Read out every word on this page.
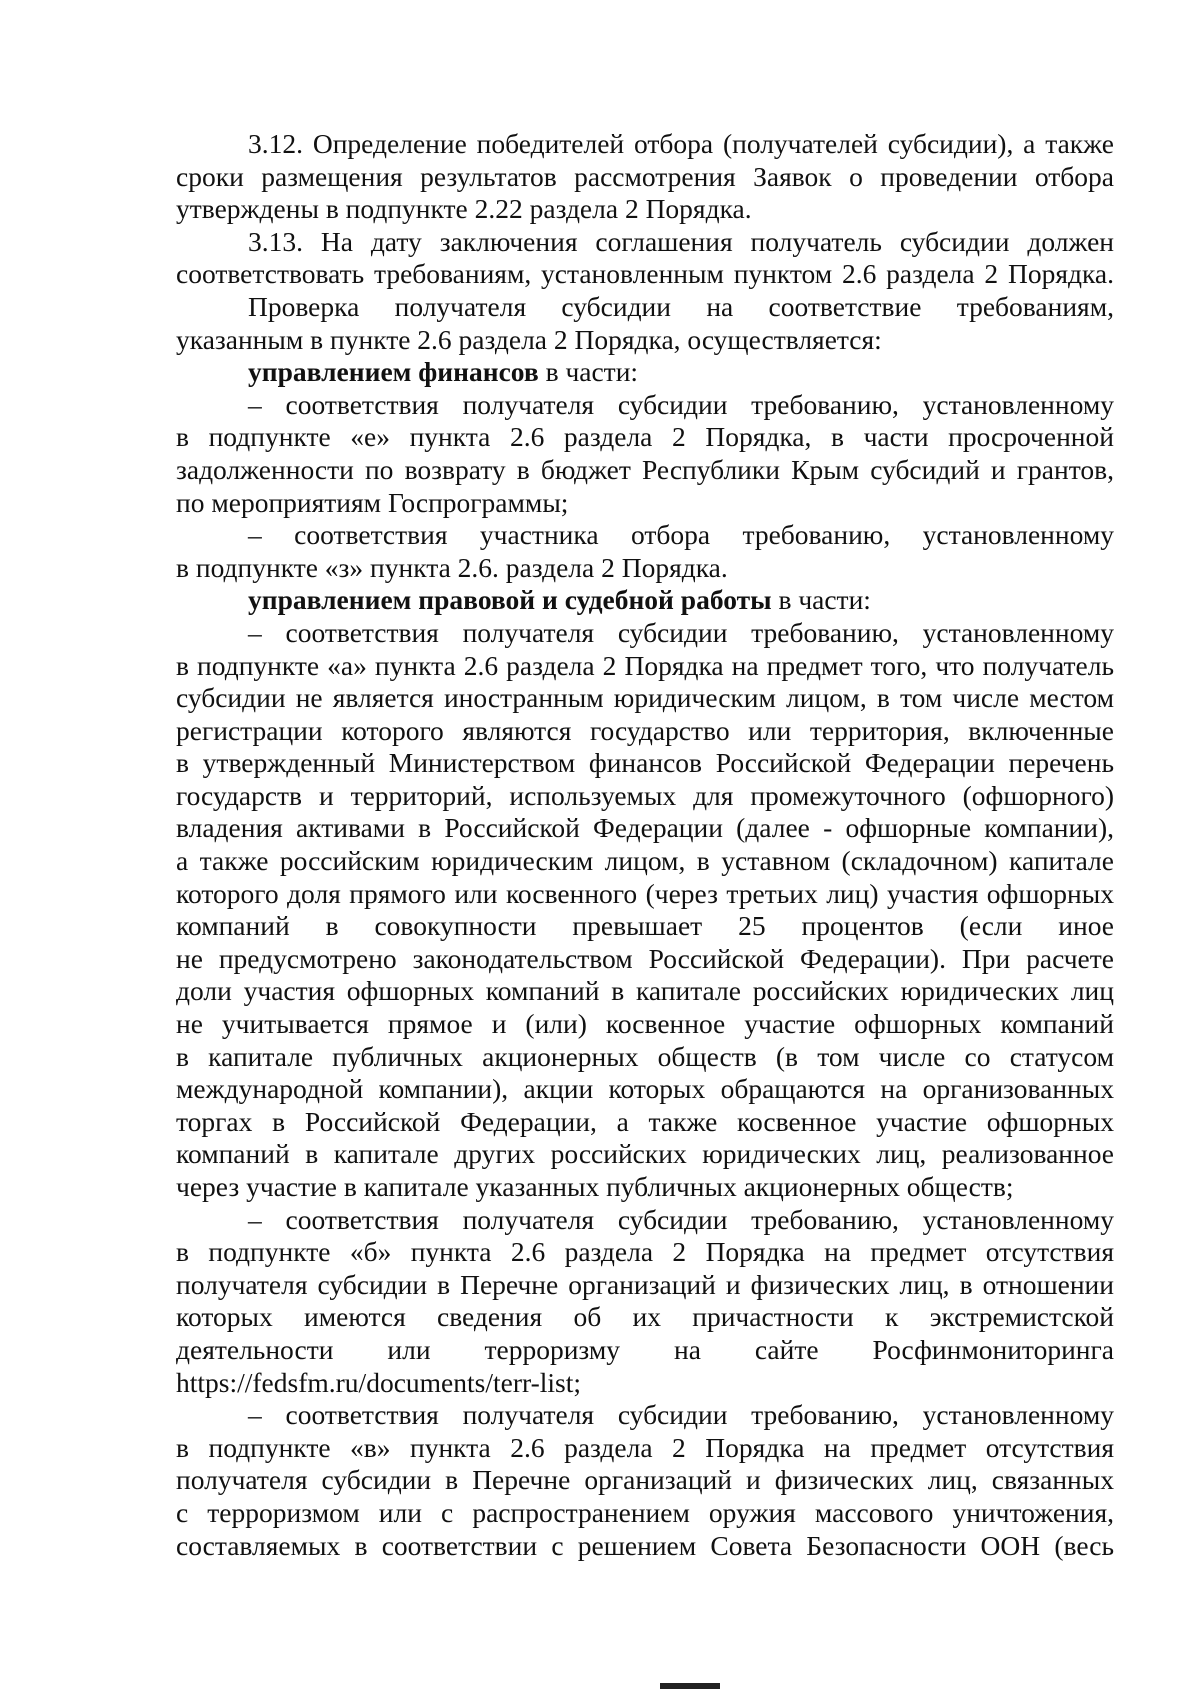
3.12. Определение победителей отбора (получателей субсидии), а также
сроки размещения результатов рассмотрения Заявок о проведении отбора
утверждены в подпункте 2.22 раздела 2 Порядка.
3.13. На дату заключения соглашения получатель субсидии должен
соответствовать требованиям, установленным пунктом 2.6 раздела 2 Порядка.
Проверка получателя субсидии на соответствие требованиям,
указанным в пункте 2.6 раздела 2 Порядка, осуществляется:
управлением финансов в части:
– соответствия получателя субсидии требованию, установленному
в подпункте «е» пункта 2.6 раздела 2 Порядка, в части просроченной
задолженности по возврату в бюджет Республики Крым субсидий и грантов,
по мероприятиям Госпрограммы;
– соответствия участника отбора требованию, установленному
в подпункте «з» пункта 2.6. раздела 2 Порядка.
управлением правовой и судебной работы в части:
– соответствия получателя субсидии требованию, установленному
в подпункте «а» пункта 2.6 раздела 2 Порядка на предмет того, что получатель
субсидии не является иностранным юридическим лицом, в том числе местом
регистрации которого являются государство или территория, включенные
в утвержденный Министерством финансов Российской Федерации перечень
государств и территорий, используемых для промежуточного (офшорного)
владения активами в Российской Федерации (далее - офшорные компании),
а также российским юридическим лицом, в уставном (складочном) капитале
которого доля прямого или косвенного (через третьих лиц) участия офшорных
компаний в совокупности превышает 25 процентов (если иное
не предусмотрено законодательством Российской Федерации). При расчете
доли участия офшорных компаний в капитале российских юридических лиц
не учитывается прямое и (или) косвенное участие офшорных компаний
в капитале публичных акционерных обществ (в том числе со статусом
международной компании), акции которых обращаются на организованных
торгах в Российской Федерации, а также косвенное участие офшорных
компаний в капитале других российских юридических лиц, реализованное
через участие в капитале указанных публичных акционерных обществ;
– соответствия получателя субсидии требованию, установленному
в подпункте «б» пункта 2.6 раздела 2 Порядка на предмет отсутствия
получателя субсидии в Перечне организаций и физических лиц, в отношении
которых имеются сведения об их причастности к экстремистской
деятельности или терроризму на сайте Росфинмониторинга
https://fedsfm.ru/documents/terr-list;
– соответствия получателя субсидии требованию, установленному
в подпункте «в» пункта 2.6 раздела 2 Порядка на предмет отсутствия
получателя субсидии в Перечне организаций и физических лиц, связанных
с терроризмом или с распространением оружия массового уничтожения,
составляемых в соответствии с решением Совета Безопасности ООН (весь
